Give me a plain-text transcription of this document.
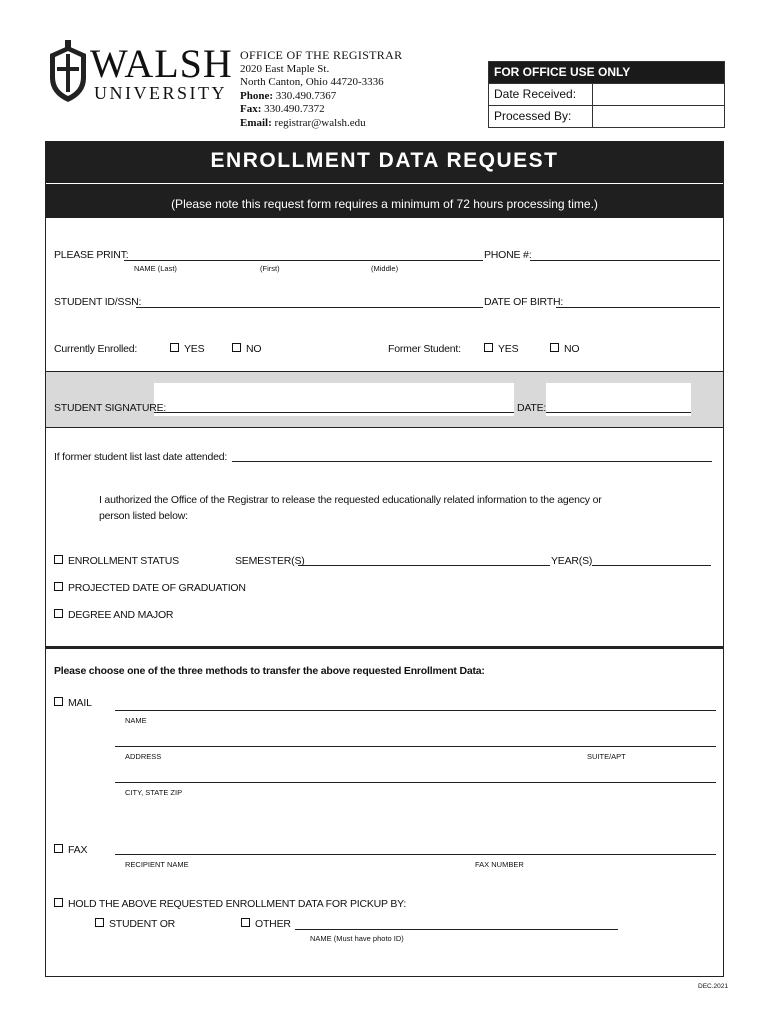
WALSH
UNIVERSITY
OFFICE OF THE REGISTRAR
2020 East Maple St.
North Canton, Ohio 44720-3336
Phone: 330.490.7367
Fax: 330.490.7372
Email: registrar@walsh.edu
FOR OFFICE USE ONLY
Date Received:
Processed By:
ENROLLMENT DATA REQUEST
(Please note this request form requires a minimum of 72 hours processing time.)
PLEASE PRINT:	PHONE #:
NAME (Last)	(First)	(Middle)
STUDENT ID/SSN:	DATE OF BIRTH:
Currently Enrolled:	YES	NO	Former Student:	YES	NO
STUDENT SIGNATURE:	DATE:
If former student list last date attended:
I authorized the Office of the Registrar to release the requested educationally related information to the agency or
person listed below:
ENROLLMENT STATUS	SEMESTER(S)	YEAR(S)
PROJECTED DATE OF GRADUATION
DEGREE AND MAJOR
Please choose one of the three methods to transfer the above requested Enrollment Data:
MAIL
NAME
ADDRESS	SUITE/APT
CITY, STATE ZIP
FAX
RECIPIENT NAME	FAX NUMBER
HOLD THE ABOVE REQUESTED ENROLLMENT DATA FOR PICKUP BY:
STUDENT OR	OTHER
NAME (Must have photo ID)
DEC.2021
